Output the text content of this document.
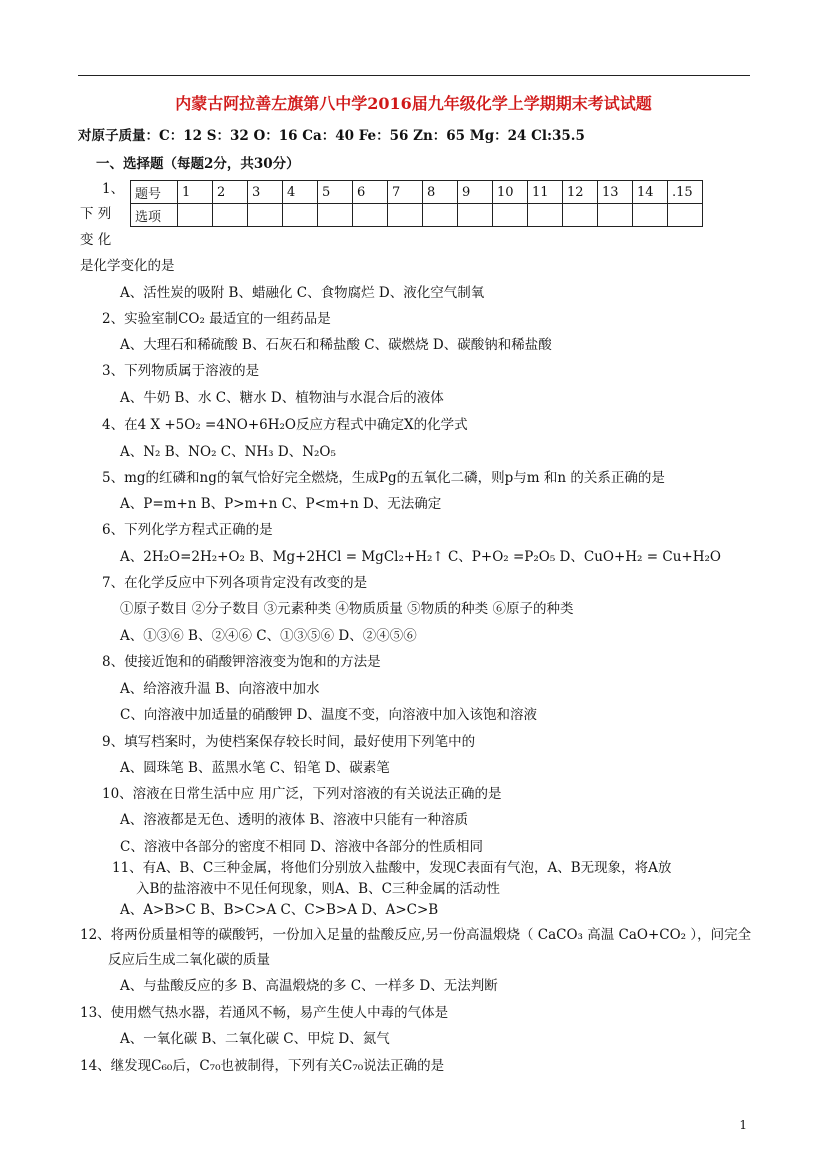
内蒙古阿拉善左旗第八中学2016届九年级化学上学期期末考试试题
对原子质量：C：12 S：32 O：16 Ca：40 Fe：56 Zn：65 Mg：24 Cl:35.5
一、选择题（每题2分，共30分）
题号	1	2	3	4	5	6	7	8	9	10	11	12	13	14	.15
选项															
1、
下 列
变 化
是化学变化的是
A、活性炭的吸附 B、蜡融化 C、食物腐烂 D、液化空气制氧
2、实验室制CO₂ 最适宜的一组药品是
A、大理石和稀硫酸 B、石灰石和稀盐酸 C、碳燃烧 D、碳酸钠和稀盐酸
3、下列物质属于溶液的是
A、牛奶 B、水 C、糖水 D、植物油与水混合后的液体
4、在4 X +5O₂ =4NO+6H₂O反应方程式中确定X的化学式
A、N₂ B、NO₂ C、NH₃ D、N₂O₅
5、mg的红磷和ng的氧气恰好完全燃烧，生成Pg的五氧化二磷，则p与m 和n 的关系正确的是
A、P=m+n B、P>m+n C、P<m+n D、无法确定
6、下列化学方程式正确的是
A、2H₂O=2H₂+O₂ B、Mg+2HCl = MgCl₂+H₂↑ C、P+O₂ =P₂O₅ D、CuO+H₂ = Cu+H₂O
7、在化学反应中下列各项肯定没有改变的是
①原子数目 ②分子数目 ③元素种类 ④物质质量 ⑤物质的种类 ⑥原子的种类
A、①③⑥ B、②④⑥ C、①③⑤⑥ D、②④⑤⑥
8、使接近饱和的硝酸钾溶液变为饱和的方法是
A、给溶液升温 B、向溶液中加水
C、向溶液中加适量的硝酸钾 D、温度不变，向溶液中加入该饱和溶液
9、填写档案时，为使档案保存较长时间，最好使用下列笔中的
A、圆珠笔 B、蓝黑水笔 C、铅笔 D、碳素笔
10、溶液在日常生活中应 用广泛，下列对溶液的有关说法正确的是
A、溶液都是无色、透明的液体 B、溶液中只能有一种溶质
C、溶液中各部分的密度不相同 D、溶液中各部分的性质相同
11、有A、B、C三种金属，将他们分别放入盐酸中，发现C表面有气泡，A、B无现象，将A放
入B的盐溶液中不见任何现象，则A、B、C三种金属的活动性
A、A>B>C B、B>C>A C、C>B>A D、A>C>B
12、将两份质量相等的碳酸钙，一份加入足量的盐酸反应,另一份高温煅烧（ CaCO₃ 高温 CaO+CO₂ ），问完全
反应后生成二氧化碳的质量
A、与盐酸反应的多 B、高温煅烧的多 C、一样多 D、无法判断
13、使用燃气热水器，若通风不畅，易产生使人中毒的气体是
A、一氧化碳 B、二氧化碳 C、甲烷 D、氮气
14、继发现C₆₀后，C₇₀也被制得，下列有关C₇₀说法正确的是
1
